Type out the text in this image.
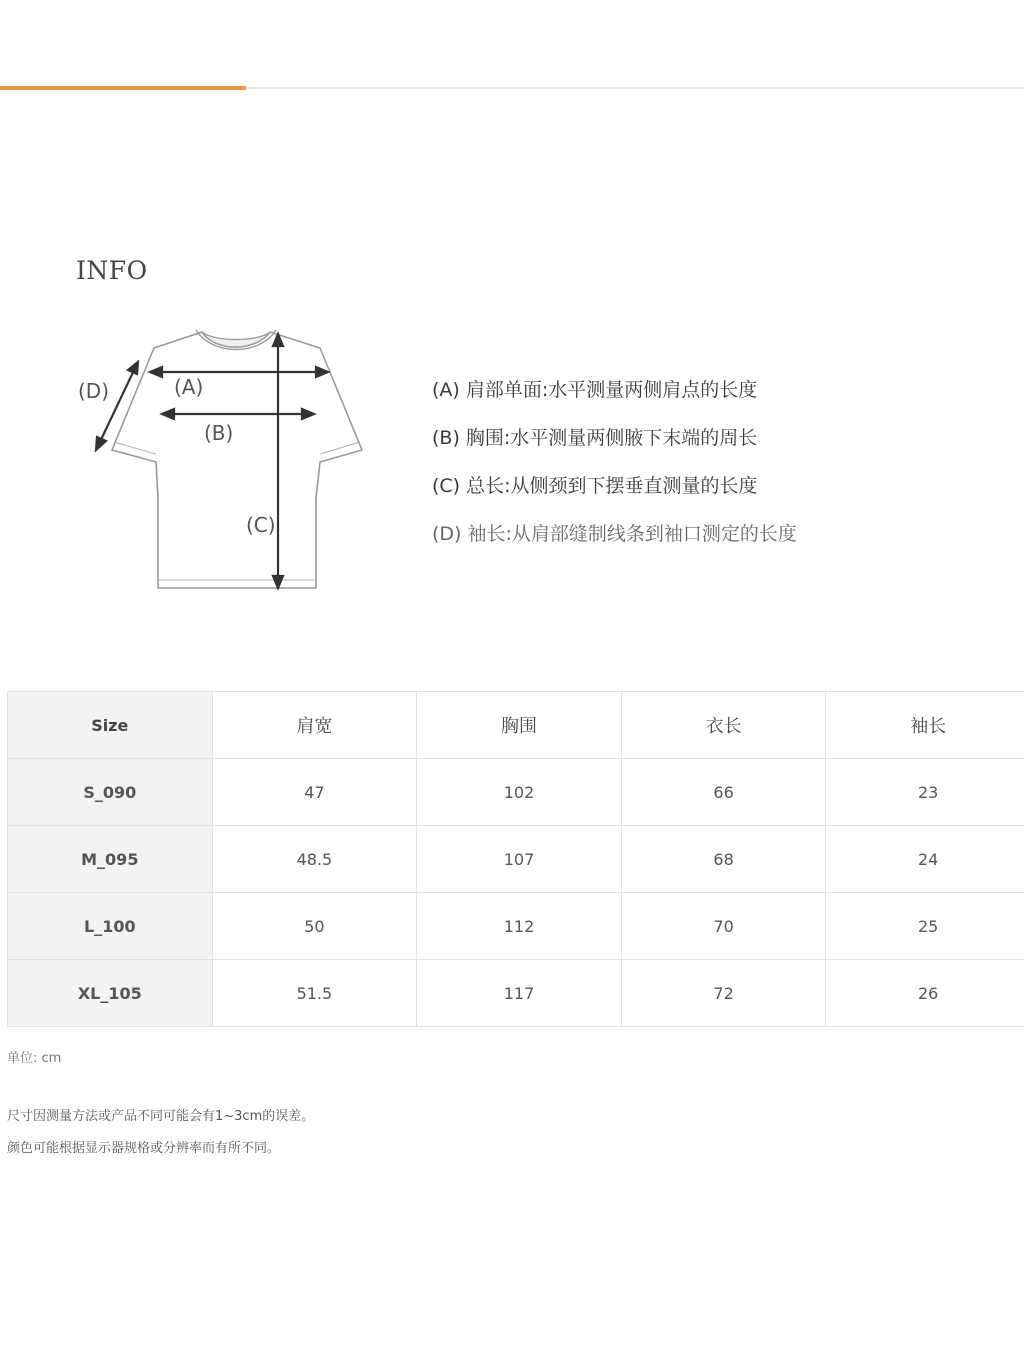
INFO
(A)
(B)
(C)
(D)	(A) 肩部单面:水平测量两侧肩点的长度
(B) 胸围:水平测量两侧腋下末端的周长
(C) 总长:从侧颈到下摆垂直测量的长度
(D) 袖长:从肩部缝制线条到袖口测定的长度
Size	肩宽	胸围	衣长	袖长
S_090	47	102	66	23
M_095	48.5	107	68	24
L_100	50	112	70	25
XL_105	51.5	117	72	26
单位: cm
尺寸因测量方法或产品不同可能会有1~3cm的误差。
颜色可能根据显示器规格或分辨率而有所不同。
